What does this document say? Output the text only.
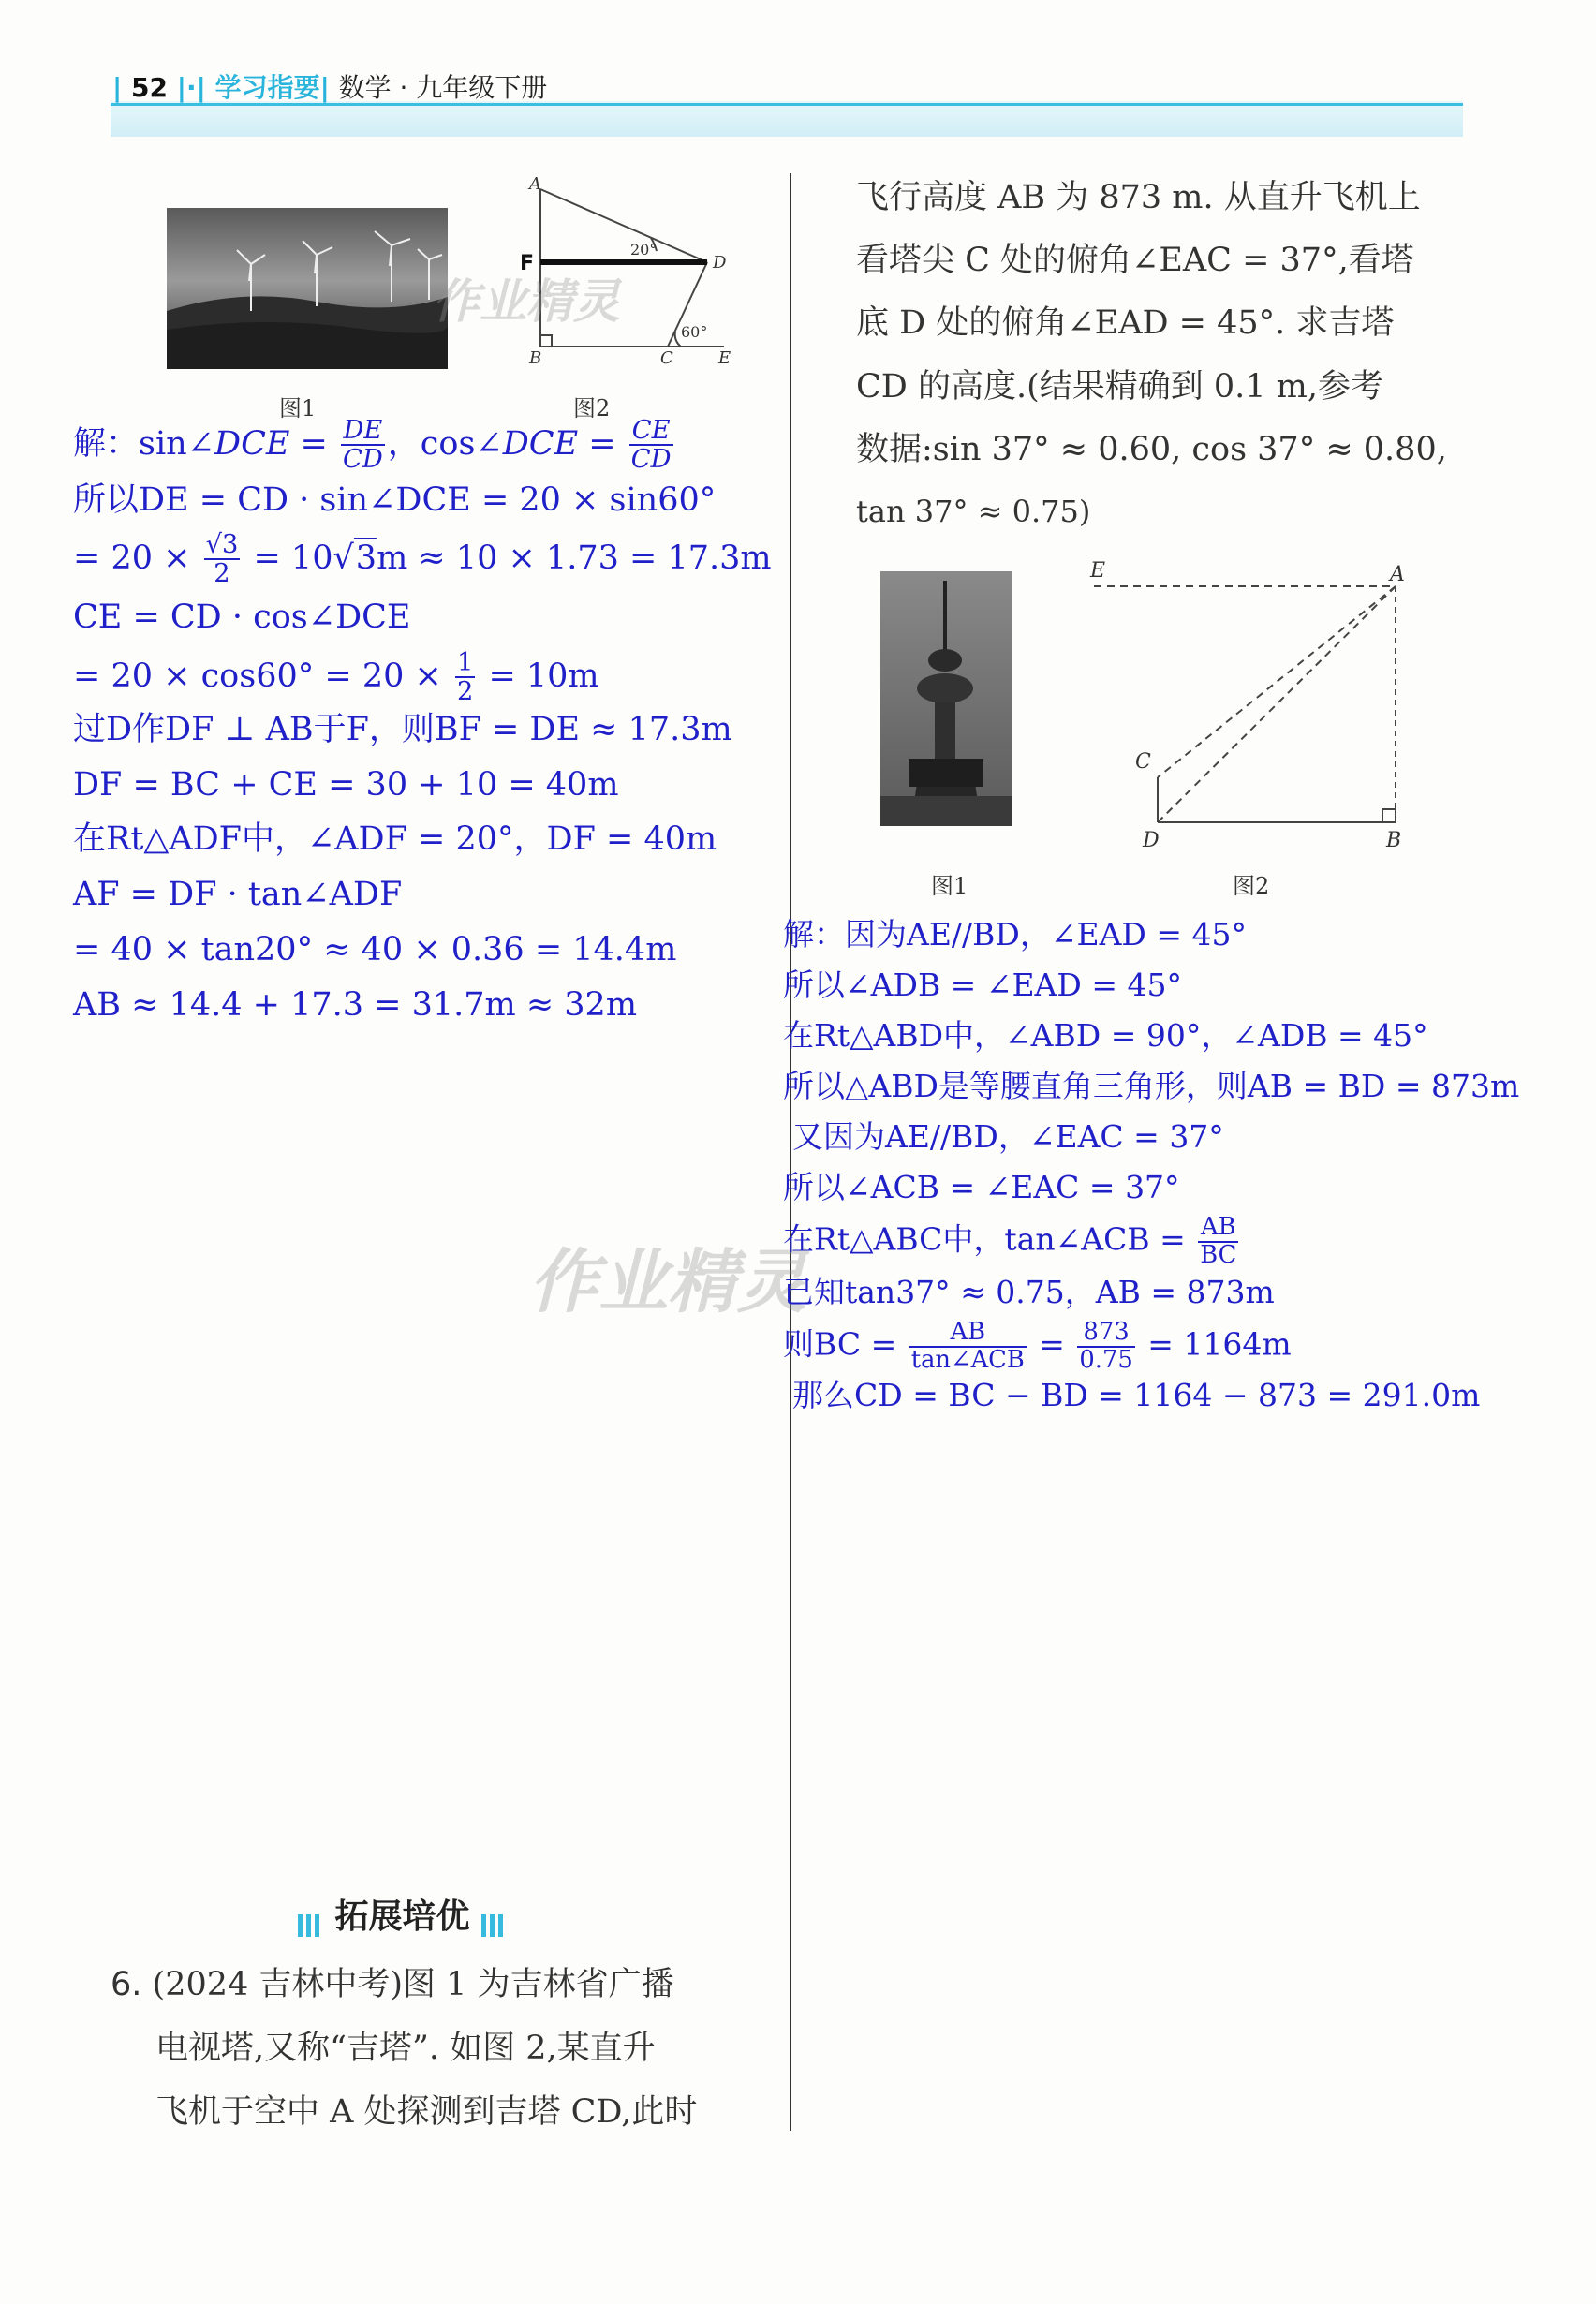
| 52 |·| 学习指要| 数学 · 九年级下册
图1
A
B	C
D
E
20°
60°
F
图2
作业精灵
作业精灵
解：sin∠DCE = $\frac{DE}{CD}$ ，cos∠DCE = $\frac{CE}{CD}$
所以DE = CD · sin∠DCE = 20 × sin60°
= $20 \times \frac{√3}{2} = 10√3m \approx 10 \times 1.73 = 17.3m$
CE = CD · cos∠DCE
= $20 \times \cos 60^\circ = 20 \times \frac{1}{2} = 10m$
过D作DF ⊥ AB于F，则BF = DE ≈ 17.3m
DF = BC + CE = 30 + 10 = 40m
在Rt△ADF中，∠ADF = 20°，DF = 40m
AF = DF · tan∠ADF
= 40 × tan20° ≈ 40 × 0.36 = 14.4m
AB ≈ 14.4 + 17.3 = 31.7m ≈ 32m
拓展培优
6. (2024 吉林中考)图 1 为吉林省广播
电视塔,又称“吉塔”. 如图 2,某直升
飞机于空中 A 处探测到吉塔 CD,此时
飞行高度 AB 为 873 m. 从直升飞机上
看塔尖 C 处的俯角∠EAC = 37°,看塔
底 D 处的俯角∠EAD = 45°. 求吉塔
CD 的高度.(结果精确到 0.1 m,参考
数据:sin 37° ≈ 0.60, cos 37° ≈ 0.80,
tan 37° ≈ 0.75)
图1
E	A
C
D	B
图2
解：因为AE//BD，∠EAD = 45°
所以∠ADB = ∠EAD = 45°
在Rt△ABD中，∠ABD = 90°，∠ADB = 45°
所以△ABD是等腰直角三角形，则AB = BD = 873m
又因为AE//BD，∠EAC = 37°
所以∠ACB = ∠EAC = 37°
在Rt△ABC中，tan∠ACB = $\frac{AB}{BC}$
已知tan37° ≈ 0.75，AB = 873m
则BC = $\frac{AB}{\text{tan∠ACB}} = \frac{873}{0.75} = 1164m$
那么CD = BC − BD = 1164 − 873 = 291.0m
